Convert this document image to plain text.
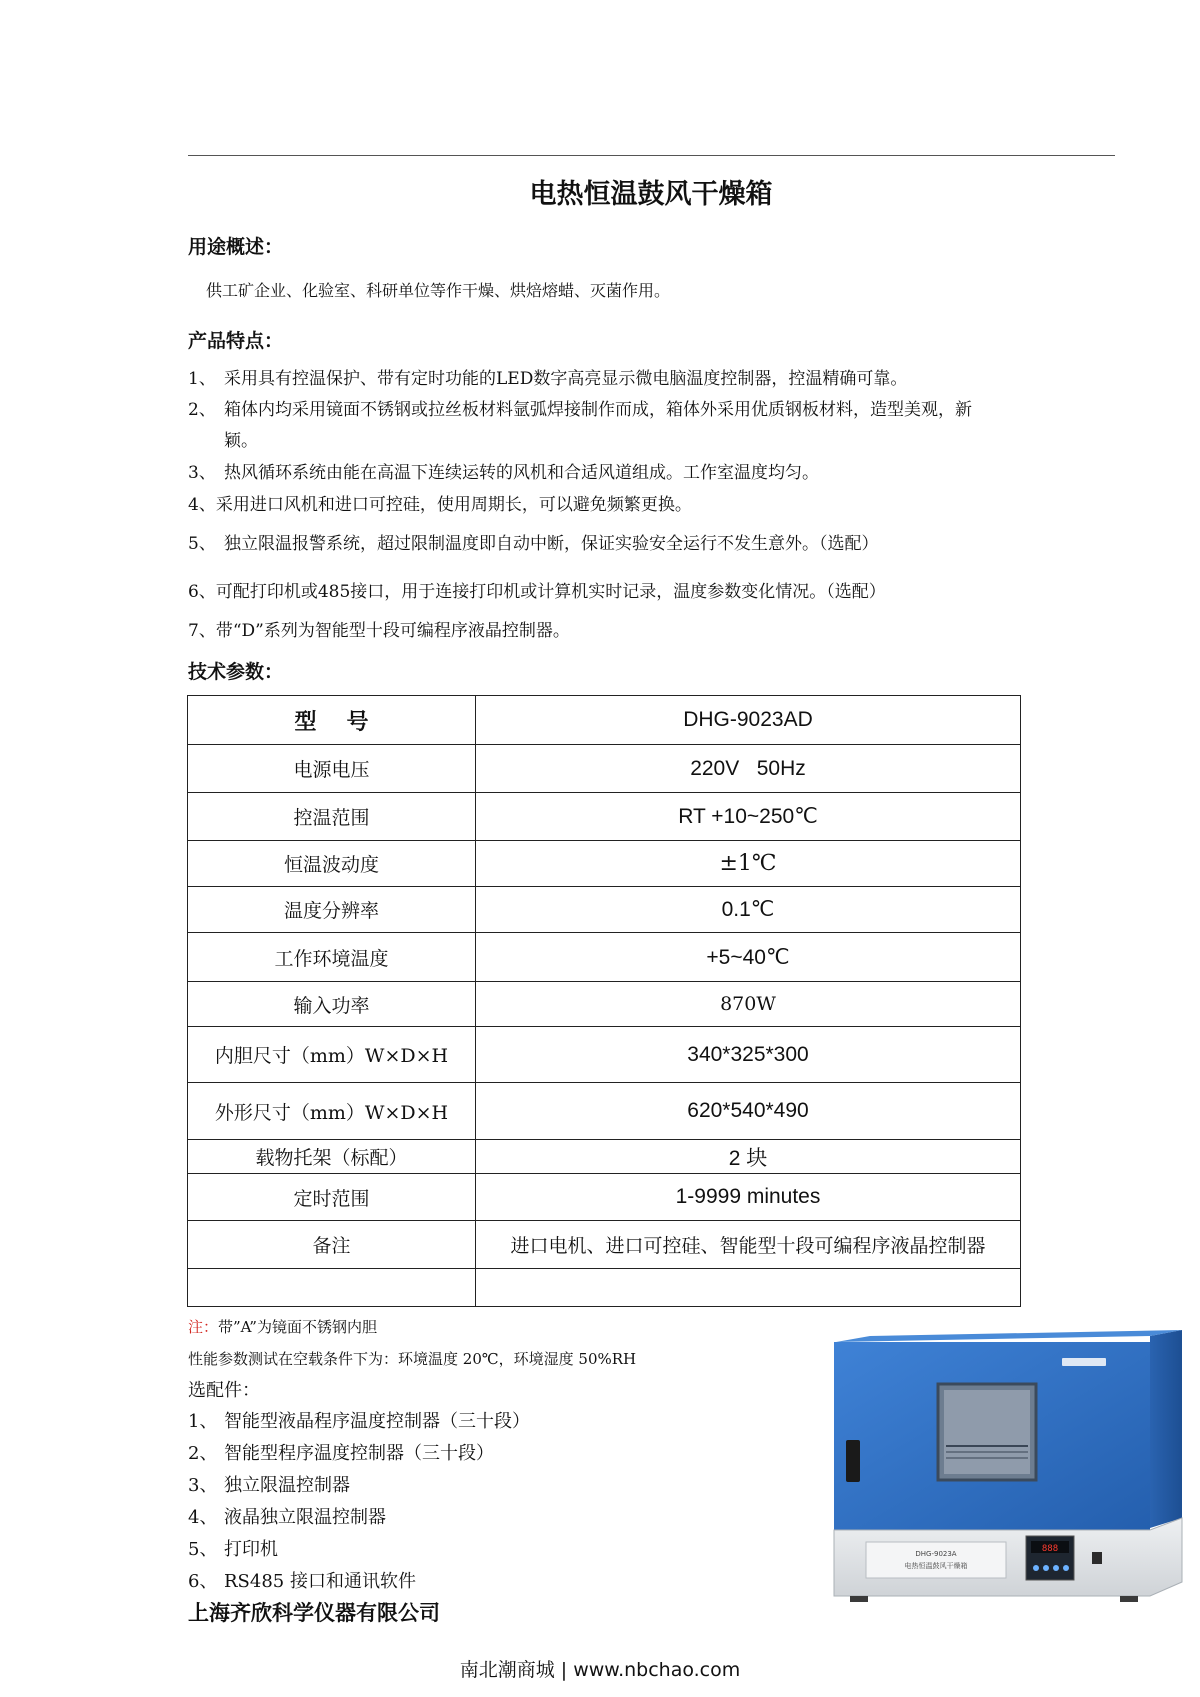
电热恒温鼓风干燥箱
用途概述：
供工矿企业、化验室、科研单位等作干燥、烘焙熔蜡、灭菌作用。
产品特点：
1、 采用具有控温保护、带有定时功能的LED数字高亮显示微电脑温度控制器，控温精确可靠。
2、 箱体内均采用镜面不锈钢或拉丝板材料氩弧焊接制作而成，箱体外采用优质钢板材料，造型美观，新
颖。
3、 热风循环系统由能在高温下连续运转的风机和合适风道组成。工作室温度均匀。
4、采用进口风机和进口可控硅，使用周期长，可以避免频繁更换。
5、 独立限温报警系统，超过限制温度即自动中断，保证实验安全运行不发生意外。（选配）
6、可配打印机或485接口，用于连接打印机或计算机实时记录，温度参数变化情况。（选配）
7、带“D”系列为智能型十段可编程序液晶控制器。
技术参数：
型号	DHG-9023AD
电源电压	220V   50Hz
控温范围	RT +10~250℃
恒温波动度	±1℃
温度分辨率	0.1℃
工作环境温度	+5~40℃
输入功率	870W
内胆尺寸（mm）W×D×H	340*325*300
外形尺寸（mm）W×D×H	620*540*490
载物托架（标配）	2 块
定时范围	1-9999 minutes
备注	进口电机、进口可控硅、智能型十段可编程序液晶控制器

注：带”A”为镜面不锈钢内胆
性能参数测试在空载条件下为：环境温度 20℃，环境湿度 50%RH
选配件：
1、 智能型液晶程序温度控制器（三十段）
2、 智能型程序温度控制器（三十段）
3、 独立限温控制器
4、 液晶独立限温控制器
5、 打印机
6、 RS485 接口和通讯软件
上海齐欣科学仪器有限公司
DHG-9023A
电热恒温鼓风干燥箱
888
南北潮商城 | www.nbchao.com
